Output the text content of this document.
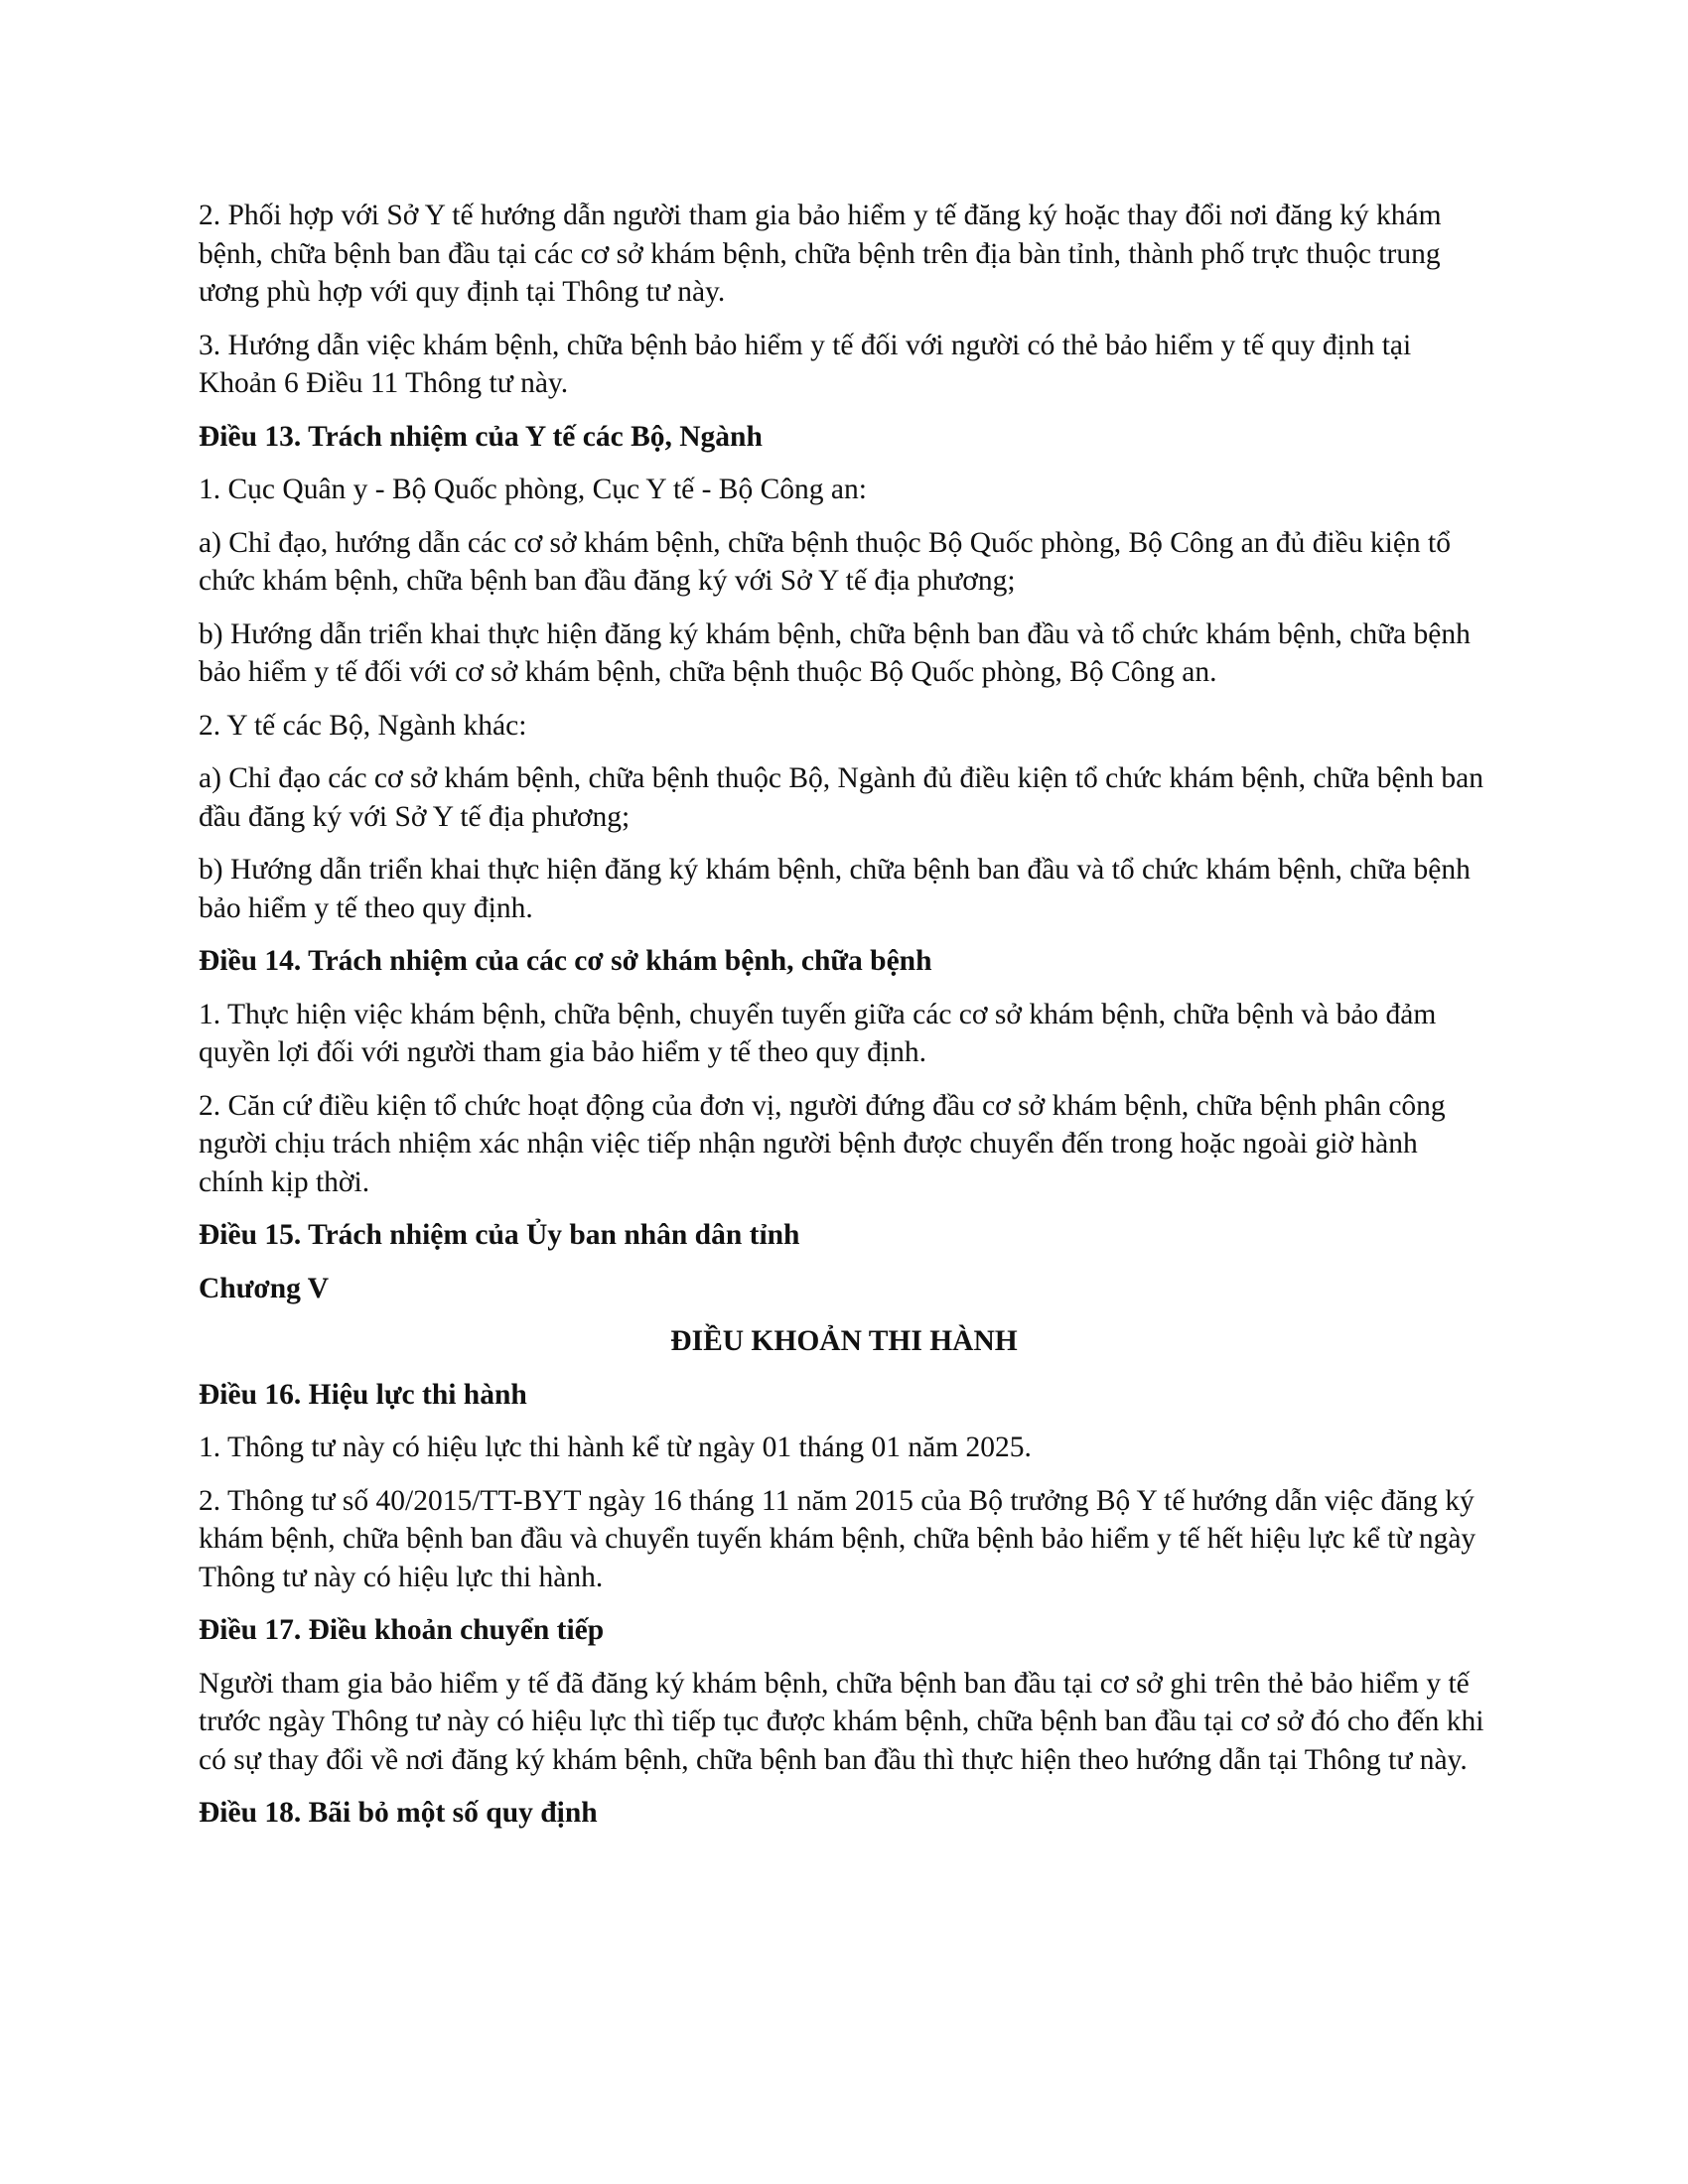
2. Phối hợp với Sở Y tế hướng dẫn người tham gia bảo hiểm y tế đăng ký hoặc thay đổi nơi đăng ký khám bệnh, chữa bệnh ban đầu tại các cơ sở khám bệnh, chữa bệnh trên địa bàn tỉnh, thành phố trực thuộc trung ương phù hợp với quy định tại Thông tư này.

3. Hướng dẫn việc khám bệnh, chữa bệnh bảo hiểm y tế đối với người có thẻ bảo hiểm y tế quy định tại Khoản 6 Điều 11 Thông tư này.

Điều 13. Trách nhiệm của Y tế các Bộ, Ngành

1. Cục Quân y - Bộ Quốc phòng, Cục Y tế - Bộ Công an:

a) Chỉ đạo, hướng dẫn các cơ sở khám bệnh, chữa bệnh thuộc Bộ Quốc phòng, Bộ Công an đủ điều kiện tổ chức khám bệnh, chữa bệnh ban đầu đăng ký với Sở Y tế địa phương;

b) Hướng dẫn triển khai thực hiện đăng ký khám bệnh, chữa bệnh ban đầu và tổ chức khám bệnh, chữa bệnh bảo hiểm y tế đối với cơ sở khám bệnh, chữa bệnh thuộc Bộ Quốc phòng, Bộ Công an.

2. Y tế các Bộ, Ngành khác:

a) Chỉ đạo các cơ sở khám bệnh, chữa bệnh thuộc Bộ, Ngành đủ điều kiện tổ chức khám bệnh, chữa bệnh ban đầu đăng ký với Sở Y tế địa phương;

b) Hướng dẫn triển khai thực hiện đăng ký khám bệnh, chữa bệnh ban đầu và tổ chức khám bệnh, chữa bệnh bảo hiểm y tế theo quy định.

Điều 14. Trách nhiệm của các cơ sở khám bệnh, chữa bệnh

1. Thực hiện việc khám bệnh, chữa bệnh, chuyển tuyến giữa các cơ sở khám bệnh, chữa bệnh và bảo đảm quyền lợi đối với người tham gia bảo hiểm y tế theo quy định.

2. Căn cứ điều kiện tổ chức hoạt động của đơn vị, người đứng đầu cơ sở khám bệnh, chữa bệnh phân công người chịu trách nhiệm xác nhận việc tiếp nhận người bệnh được chuyển đến trong hoặc ngoài giờ hành chính kịp thời.

Điều 15. Trách nhiệm của Ủy ban nhân dân tỉnh

Chương V

ĐIỀU KHOẢN THI HÀNH

Điều 16. Hiệu lực thi hành

1. Thông tư này có hiệu lực thi hành kể từ ngày 01 tháng 01 năm 2025.

2. Thông tư số 40/2015/TT-BYT ngày 16 tháng 11 năm 2015 của Bộ trưởng Bộ Y tế hướng dẫn việc đăng ký khám bệnh, chữa bệnh ban đầu và chuyển tuyến khám bệnh, chữa bệnh bảo hiểm y tế hết hiệu lực kể từ ngày Thông tư này có hiệu lực thi hành.

Điều 17. Điều khoản chuyển tiếp

Người tham gia bảo hiểm y tế đã đăng ký khám bệnh, chữa bệnh ban đầu tại cơ sở ghi trên thẻ bảo hiểm y tế trước ngày Thông tư này có hiệu lực thì tiếp tục được khám bệnh, chữa bệnh ban đầu tại cơ sở đó cho đến khi có sự thay đổi về nơi đăng ký khám bệnh, chữa bệnh ban đầu thì thực hiện theo hướng dẫn tại Thông tư này.

Điều 18. Bãi bỏ một số quy định
